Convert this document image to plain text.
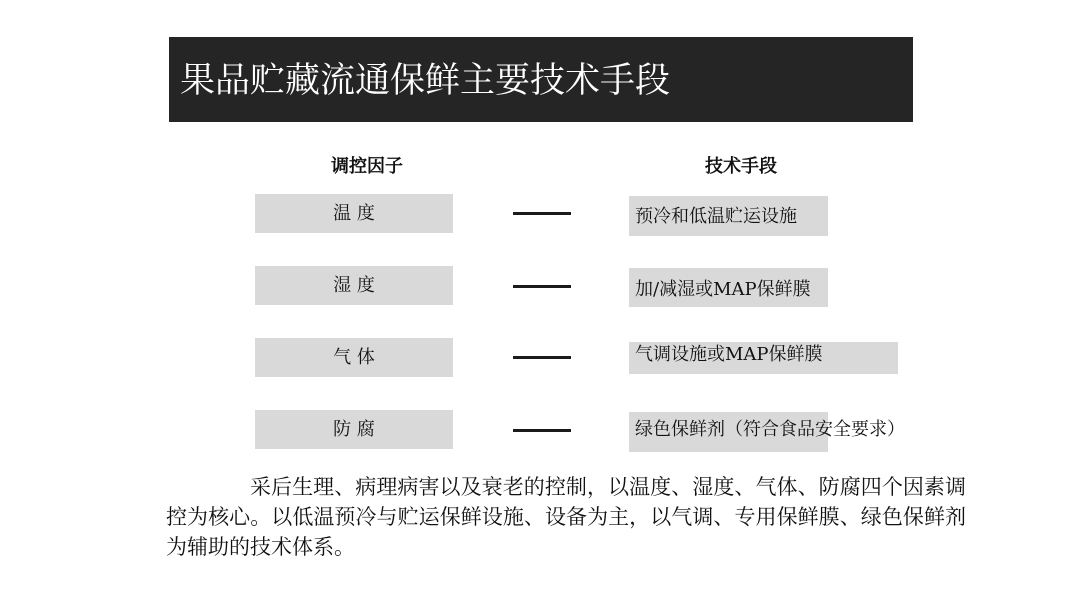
果品贮藏流通保鲜主要技术手段
调控因子	技术手段
温 度	预冷和低温贮运设施
湿 度	加/减湿或MAP保鲜膜
气 体	气调设施或MAP保鲜膜
防 腐	绿色保鲜剂（符合食品安全要求）
采后生理、病理病害以及衰老的控制，以温度、湿度、气体、防腐四个因素调控为核心。以低温预冷与贮运保鲜设施、设备为主，以气调、专用保鲜膜、绿色保鲜剂为辅助的技术体系。
